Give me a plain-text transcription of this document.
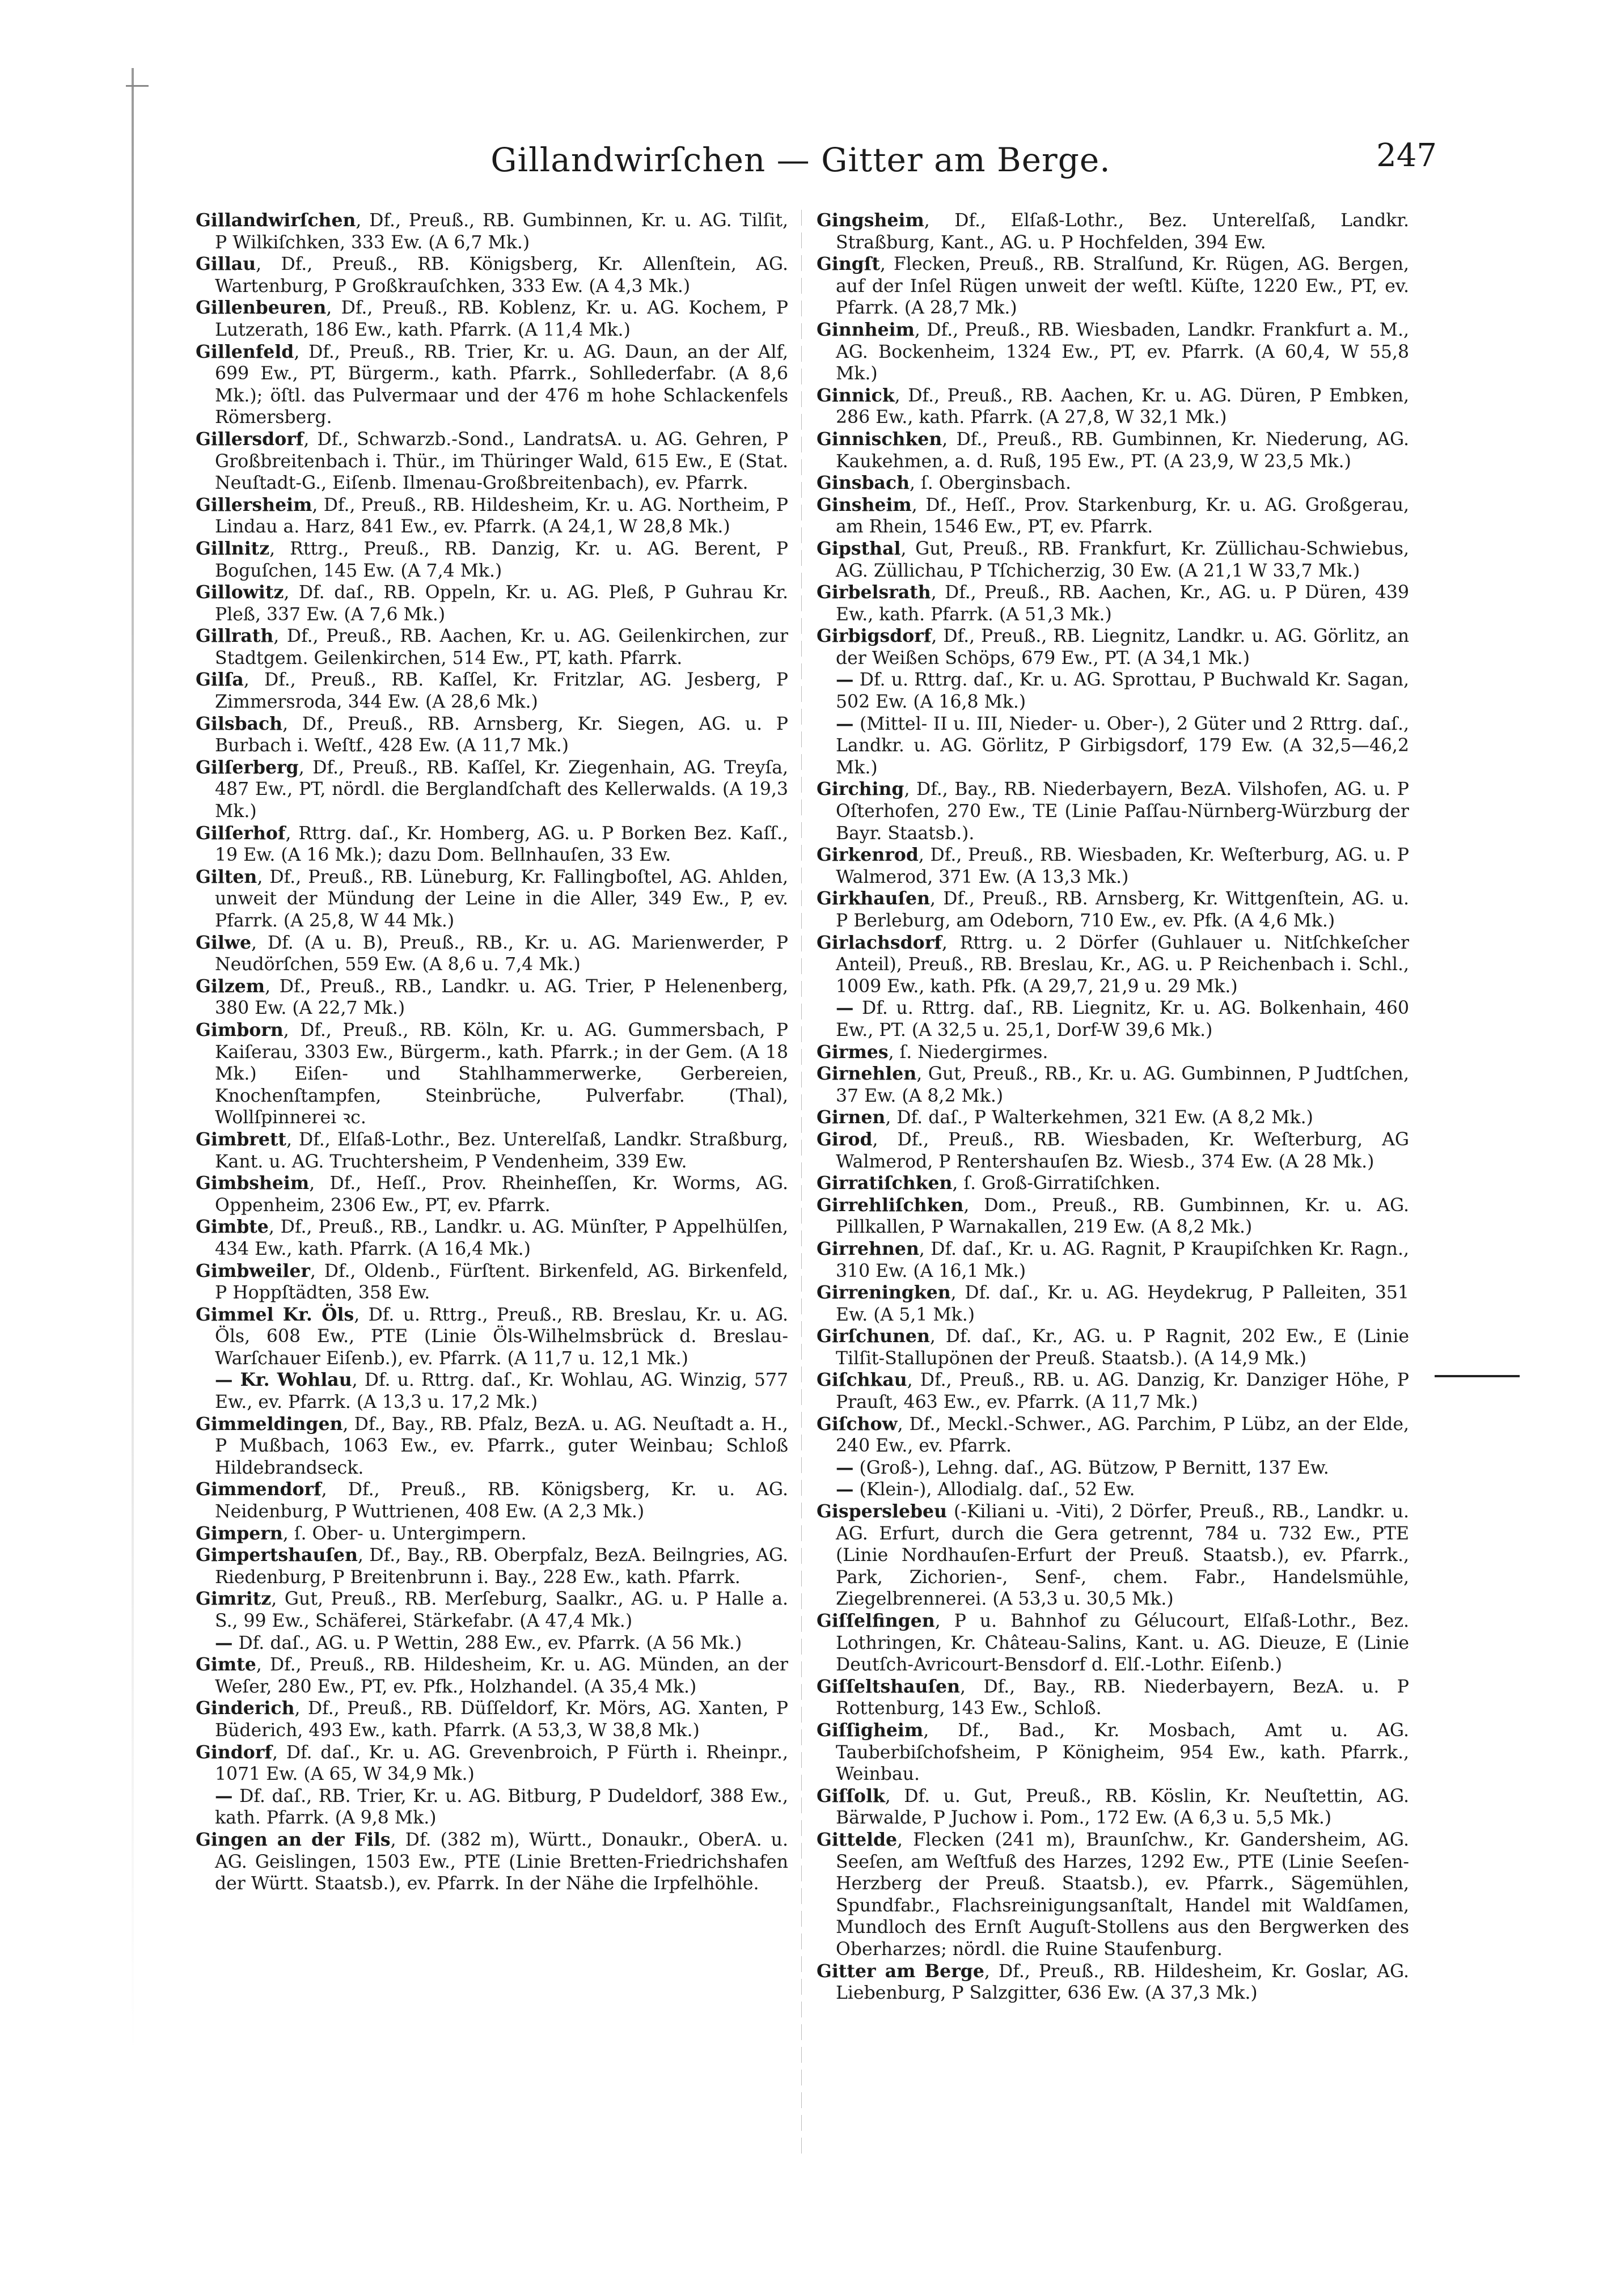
Gillandwirſchen — Gitter am Berge.	247

Gillandwirſchen, Df., Preuß., RB. Gumbinnen, Kr. u. AG. Tilſit, P Wilkiſchken, 333 Ew. (A 6,7 Mk.)

Gillau, Df., Preuß., RB. Königsberg, Kr. Allenſtein, AG. Wartenburg, P Großkrauſchken, 333 Ew. (A 4,3 Mk.)

Gillenbeuren, Df., Preuß., RB. Koblenz, Kr. u. AG. Kochem, P Lutzerath, 186 Ew., kath. Pfarrk. (A 11,4 Mk.)

Gillenfeld, Df., Preuß., RB. Trier, Kr. u. AG. Daun, an der Alf, 699 Ew., PT, Bürgerm., kath. Pfarrk., Sohllederfabr. (A 8,6 Mk.); öſtl. das Pulvermaar und der 476 m hohe Schlackenfels Römersberg.

Gillersdorf, Df., Schwarzb.-Sond., LandratsA. u. AG. Gehren, P Großbreitenbach i. Thür., im Thüringer Wald, 615 Ew., E (Stat. Neuſtadt-G., Eiſenb. Ilmenau-Großbreitenbach), ev. Pfarrk.

Gillersheim, Df., Preuß., RB. Hildesheim, Kr. u. AG. Northeim, P Lindau a. Harz, 841 Ew., ev. Pfarrk. (A 24,1, W 28,8 Mk.)

Gillnitz, Rttrg., Preuß., RB. Danzig, Kr. u. AG. Berent, P Boguſchen, 145 Ew. (A 7,4 Mk.)

Gillowitz, Df. daſ., RB. Oppeln, Kr. u. AG. Pleß, P Guhrau Kr. Pleß, 337 Ew. (A 7,6 Mk.)

Gillrath, Df., Preuß., RB. Aachen, Kr. u. AG. Geilenkirchen, zur Stadtgem. Geilenkirchen, 514 Ew., PT, kath. Pfarrk.

Gilſa, Df., Preuß., RB. Kaſſel, Kr. Fritzlar, AG. Jesberg, P Zimmersroda, 344 Ew. (A 28,6 Mk.)

Gilsbach, Df., Preuß., RB. Arnsberg, Kr. Siegen, AG. u. P Burbach i. Weſtf., 428 Ew. (A 11,7 Mk.)

Gilſerberg, Df., Preuß., RB. Kaſſel, Kr. Ziegenhain, AG. Treyſa, 487 Ew., PT, nördl. die Berglandſchaft des Kellerwalds. (A 19,3 Mk.)

Gilſerhof, Rttrg. daſ., Kr. Homberg, AG. u. P Borken Bez. Kaſſ., 19 Ew. (A 16 Mk.); dazu Dom. Bellnhauſen, 33 Ew.

Gilten, Df., Preuß., RB. Lüneburg, Kr. Fallingboſtel, AG. Ahlden, unweit der Mündung der Leine in die Aller, 349 Ew., P, ev. Pfarrk. (A 25,8, W 44 Mk.)

Gilwe, Df. (A u. B), Preuß., RB., Kr. u. AG. Marienwerder, P Neudörſchen, 559 Ew. (A 8,6 u. 7,4 Mk.)

Gilzem, Df., Preuß., RB., Landkr. u. AG. Trier, P Helenenberg, 380 Ew. (A 22,7 Mk.)

Gimborn, Df., Preuß., RB. Köln, Kr. u. AG. Gummersbach, P Kaiſerau, 3303 Ew., Bürgerm., kath. Pfarrk.; in der Gem. (A 18 Mk.) Eiſen- und Stahlhammerwerke, Gerbereien, Knochenſtampfen, Steinbrüche, Pulverfabr. (Thal), Wollſpinnerei ꝛc.

Gimbrett, Df., Elſaß-Lothr., Bez. Unterelſaß, Landkr. Straßburg, Kant. u. AG. Truchtersheim, P Vendenheim, 339 Ew.

Gimbsheim, Df., Heſſ., Prov. Rheinheſſen, Kr. Worms, AG. Oppenheim, 2306 Ew., PT, ev. Pfarrk.

Gimbte, Df., Preuß., RB., Landkr. u. AG. Münſter, P Appelhülſen, 434 Ew., kath. Pfarrk. (A 16,4 Mk.)

Gimbweiler, Df., Oldenb., Fürſtent. Birkenfeld, AG. Birkenfeld, P Hoppſtädten, 358 Ew.

Gimmel Kr. Öls, Df. u. Rttrg., Preuß., RB. Breslau, Kr. u. AG. Öls, 608 Ew., PTE (Linie Öls-Wilhelmsbrück d. Breslau-Warſchauer Eiſenb.), ev. Pfarrk. (A 11,7 u. 12,1 Mk.)

— Kr. Wohlau, Df. u. Rttrg. daſ., Kr. Wohlau, AG. Winzig, 577 Ew., ev. Pfarrk. (A 13,3 u. 17,2 Mk.)

Gimmeldingen, Df., Bay., RB. Pfalz, BezA. u. AG. Neuſtadt a. H., P Mußbach, 1063 Ew., ev. Pfarrk., guter Weinbau; Schloß Hildebrandseck.

Gimmendorf, Df., Preuß., RB. Königsberg, Kr. u. AG. Neidenburg, P Wuttrienen, 408 Ew. (A 2,3 Mk.)

Gimpern, ſ. Ober- u. Untergimpern.

Gimpertshauſen, Df., Bay., RB. Oberpfalz, BezA. Beilngries, AG. Riedenburg, P Breitenbrunn i. Bay., 228 Ew., kath. Pfarrk.

Gimritz, Gut, Preuß., RB. Merſeburg, Saalkr., AG. u. P Halle a. S., 99 Ew., Schäferei, Stärkefabr. (A 47,4 Mk.)

— Df. daſ., AG. u. P Wettin, 288 Ew., ev. Pfarrk. (A 56 Mk.)

Gimte, Df., Preuß., RB. Hildesheim, Kr. u. AG. Münden, an der Weſer, 280 Ew., PT, ev. Pfk., Holzhandel. (A 35,4 Mk.)

Ginderich, Df., Preuß., RB. Düſſeldorf, Kr. Mörs, AG. Xanten, P Büderich, 493 Ew., kath. Pfarrk. (A 53,3, W 38,8 Mk.)

Gindorf, Df. daſ., Kr. u. AG. Grevenbroich, P Fürth i. Rheinpr., 1071 Ew. (A 65, W 34,9 Mk.)

— Df. daſ., RB. Trier, Kr. u. AG. Bitburg, P Dudeldorf, 388 Ew., kath. Pfarrk. (A 9,8 Mk.)

Gingen an der Fils, Df. (382 m), Württ., Donaukr., OberA. u. AG. Geislingen, 1503 Ew., PTE (Linie Bretten-Friedrichshafen der Württ. Staatsb.), ev. Pfarrk. In der Nähe die Irpfelhöhle.

Gingsheim, Df., Elſaß-Lothr., Bez. Unterelſaß, Landkr. Straßburg, Kant., AG. u. P Hochfelden, 394 Ew.

Gingſt, Flecken, Preuß., RB. Stralſund, Kr. Rügen, AG. Bergen, auf der Inſel Rügen unweit der weſtl. Küſte, 1220 Ew., PT, ev. Pfarrk. (A 28,7 Mk.)

Ginnheim, Df., Preuß., RB. Wiesbaden, Landkr. Frankfurt a. M., AG. Bockenheim, 1324 Ew., PT, ev. Pfarrk. (A 60,4, W 55,8 Mk.)

Ginnick, Df., Preuß., RB. Aachen, Kr. u. AG. Düren, P Embken, 286 Ew., kath. Pfarrk. (A 27,8, W 32,1 Mk.)

Ginnischken, Df., Preuß., RB. Gumbinnen, Kr. Niederung, AG. Kaukehmen, a. d. Ruß, 195 Ew., PT. (A 23,9, W 23,5 Mk.)

Ginsbach, ſ. Oberginsbach.

Ginsheim, Df., Heſſ., Prov. Starkenburg, Kr. u. AG. Großgerau, am Rhein, 1546 Ew., PT, ev. Pfarrk.

Gipsthal, Gut, Preuß., RB. Frankfurt, Kr. Züllichau-Schwiebus, AG. Züllichau, P Tſchicherzig, 30 Ew. (A 21,1 W 33,7 Mk.)

Girbelsrath, Df., Preuß., RB. Aachen, Kr., AG. u. P Düren, 439 Ew., kath. Pfarrk. (A 51,3 Mk.)

Girbigsdorf, Df., Preuß., RB. Liegnitz, Landkr. u. AG. Görlitz, an der Weißen Schöps, 679 Ew., PT. (A 34,1 Mk.)

— Df. u. Rttrg. daſ., Kr. u. AG. Sprottau, P Buchwald Kr. Sagan, 502 Ew. (A 16,8 Mk.)

— (Mittel- II u. III, Nieder- u. Ober-), 2 Güter und 2 Rttrg. daſ., Landkr. u. AG. Görlitz, P Girbigsdorf, 179 Ew. (A 32,5—46,2 Mk.)

Girching, Df., Bay., RB. Niederbayern, BezA. Vilshofen, AG. u. P Oſterhofen, 270 Ew., TE (Linie Paſſau-Nürnberg-Würzburg der Bayr. Staatsb.).

Girkenrod, Df., Preuß., RB. Wiesbaden, Kr. Weſterburg, AG. u. P Walmerod, 371 Ew. (A 13,3 Mk.)

Girkhauſen, Df., Preuß., RB. Arnsberg, Kr. Wittgenſtein, AG. u. P Berleburg, am Odeborn, 710 Ew., ev. Pfk. (A 4,6 Mk.)

Girlachsdorf, Rttrg. u. 2 Dörfer (Guhlauer u. Nitſchkeſcher Anteil), Preuß., RB. Breslau, Kr., AG. u. P Reichenbach i. Schl., 1009 Ew., kath. Pfk. (A 29,7, 21,9 u. 29 Mk.)

— Df. u. Rttrg. daſ., RB. Liegnitz, Kr. u. AG. Bolkenhain, 460 Ew., PT. (A 32,5 u. 25,1, Dorf-W 39,6 Mk.)

Girmes, ſ. Niedergirmes.

Girnehlen, Gut, Preuß., RB., Kr. u. AG. Gumbinnen, P Judtſchen, 37 Ew. (A 8,2 Mk.)

Girnen, Df. daſ., P Walterkehmen, 321 Ew. (A 8,2 Mk.)

Girod, Df., Preuß., RB. Wiesbaden, Kr. Weſterburg, AG Walmerod, P Rentershauſen Bz. Wiesb., 374 Ew. (A 28 Mk.)

Girratiſchken, ſ. Groß-Girratiſchken.

Girrehliſchken, Dom., Preuß., RB. Gumbinnen, Kr. u. AG. Pillkallen, P Warnakallen, 219 Ew. (A 8,2 Mk.)

Girrehnen, Df. daſ., Kr. u. AG. Ragnit, P Kraupiſchken Kr. Ragn., 310 Ew. (A 16,1 Mk.)

Girreningken, Df. daſ., Kr. u. AG. Heydekrug, P Palleiten, 351 Ew. (A 5,1 Mk.)

Girſchunen, Df. daſ., Kr., AG. u. P Ragnit, 202 Ew., E (Linie Tilſit-Stallupönen der Preuß. Staatsb.). (A 14,9 Mk.)

Giſchkau, Df., Preuß., RB. u. AG. Danzig, Kr. Danziger Höhe, P Prauſt, 463 Ew., ev. Pfarrk. (A 11,7 Mk.)

Giſchow, Df., Meckl.-Schwer., AG. Parchim, P Lübz, an der Elde, 240 Ew., ev. Pfarrk.

— (Groß-), Lehng. daſ., AG. Bützow, P Bernitt, 137 Ew.

— (Klein-), Allodialg. daſ., 52 Ew.

Gisperslebeu (-Kiliani u. -Viti), 2 Dörfer, Preuß., RB., Landkr. u. AG. Erfurt, durch die Gera getrennt, 784 u. 732 Ew., PTE (Linie Nordhauſen-Erfurt der Preuß. Staatsb.), ev. Pfarrk., Park, Zichorien-, Senf-, chem. Fabr., Handelsmühle, Ziegelbrennerei. (A 53,3 u. 30,5 Mk.)

Giſſelfingen, P u. Bahnhof zu Gélucourt, Elſaß-Lothr., Bez. Lothringen, Kr. Château-Salins, Kant. u. AG. Dieuze, E (Linie Deutſch-Avricourt-Bensdorf d. Elſ.-Lothr. Eiſenb.)

Giſſeltshauſen, Df., Bay., RB. Niederbayern, BezA. u. P Rottenburg, 143 Ew., Schloß.

Giſſigheim, Df., Bad., Kr. Mosbach, Amt u. AG. Tauberbiſchofsheim, P Königheim, 954 Ew., kath. Pfarrk., Weinbau.

Giſſolk, Df. u. Gut, Preuß., RB. Köslin, Kr. Neuſtettin, AG. Bärwalde, P Juchow i. Pom., 172 Ew. (A 6,3 u. 5,5 Mk.)

Gittelde, Flecken (241 m), Braunſchw., Kr. Gandersheim, AG. Seeſen, am Weſtfuß des Harzes, 1292 Ew., PTE (Linie Seeſen-Herzberg der Preuß. Staatsb.), ev. Pfarrk., Sägemühlen, Spundfabr., Flachsreinigungsanſtalt, Handel mit Waldſamen, Mundloch des Ernſt Auguſt-Stollens aus den Bergwerken des Oberharzes; nördl. die Ruine Staufenburg.

Gitter am Berge, Df., Preuß., RB. Hildesheim, Kr. Goslar, AG. Liebenburg, P Salzgitter, 636 Ew. (A 37,3 Mk.)
